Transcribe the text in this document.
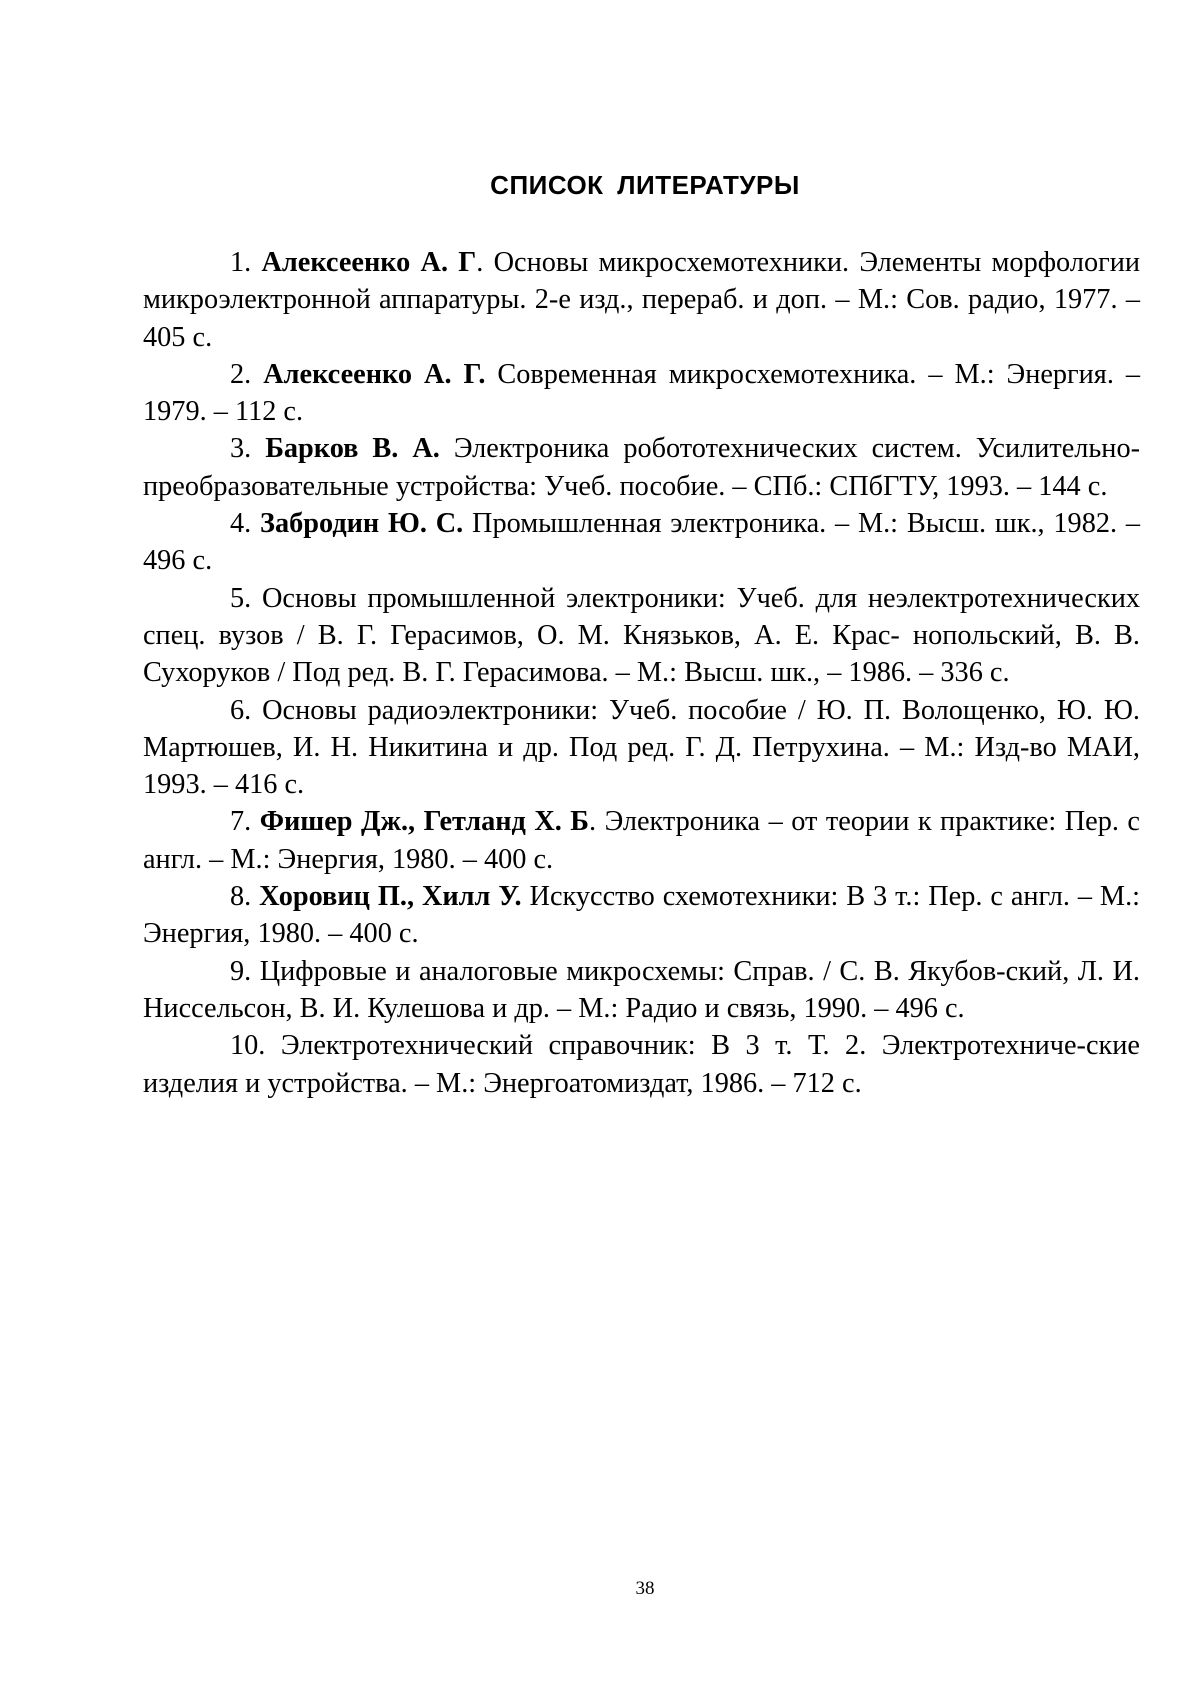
СПИСОК ЛИТЕРАТУРЫ

1. Алексеенко А. Г. Основы микросхемотехники. Элементы морфологии микроэлектронной аппаратуры. 2-е изд., перераб. и доп. – М.: Сов. радио, 1977. – 405 с.

2. Алексеенко А. Г. Современная микросхемотехника. – М.: Энергия. – 1979. – 112 с.

3. Барков В. А. Электроника робототехнических систем. Усилительно-преобразовательные устройства: Учеб. пособие. – СПб.: СПбГТУ, 1993. – 144 с.

4. Забродин Ю. С. Промышленная электроника. – М.: Высш. шк., 1982. – 496 с.

5. Основы промышленной электроники: Учеб. для неэлектротехнических спец. вузов / В. Г. Герасимов, О. М. Князьков, А. Е. Крас- нопольский, В. В. Сухоруков / Под ред. В. Г. Герасимова. – М.: Высш. шк., – 1986. – 336 с.

6. Основы радиоэлектроники: Учеб. пособие / Ю. П. Волощенко, Ю. Ю. Мартюшев, И. Н. Никитина и др. Под ред. Г. Д. Петрухина. – М.: Изд-во МАИ, 1993. – 416 с.

7. Фишер Дж., Гетланд Х. Б. Электроника – от теории к практике: Пер. с англ. – М.: Энергия, 1980. – 400 с.

8. Хоровиц П., Хилл У. Искусство схемотехники: В 3 т.: Пер. с англ. – М.: Энергия, 1980. – 400 с.

9. Цифровые и аналоговые микросхемы: Справ. / С. В. Якубов-ский, Л. И. Ниссельсон, В. И. Кулешова и др. – М.: Радио и связь, 1990. – 496 с.

10. Электротехнический справочник: В 3 т. Т. 2. Электротехниче-ские изделия и устройства. – М.: Энергоатомиздат, 1986. – 712 с.

38
